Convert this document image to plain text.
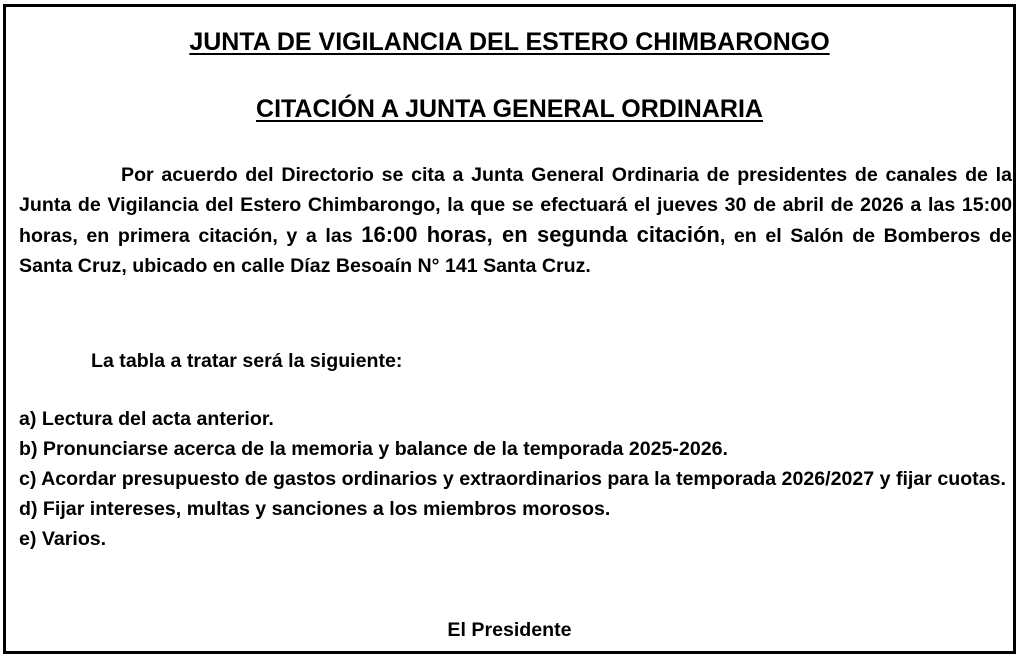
JUNTA DE VIGILANCIA DEL ESTERO CHIMBARONGO

CITACIÓN A JUNTA GENERAL ORDINARIA

Por acuerdo del Directorio se cita a Junta General Ordinaria de presidentes de canales de la Junta de Vigilancia del Estero Chimbarongo, la que se efectuará el jueves 30 de abril de 2026 a las 15:00 horas, en primera citación, y a las 16:00 horas, en segunda citación, en el Salón de Bomberos de Santa Cruz, ubicado en calle Díaz Besoaín N° 141 Santa Cruz.

La tabla a tratar será la siguiente:

a) Lectura del acta anterior.
b) Pronunciarse acerca de la memoria y balance de la temporada 2025-2026.
c) Acordar presupuesto de gastos ordinarios y extraordinarios para la temporada 2026/2027 y fijar cuotas.
d) Fijar intereses, multas y sanciones a los miembros morosos.
e) Varios.

El Presidente
